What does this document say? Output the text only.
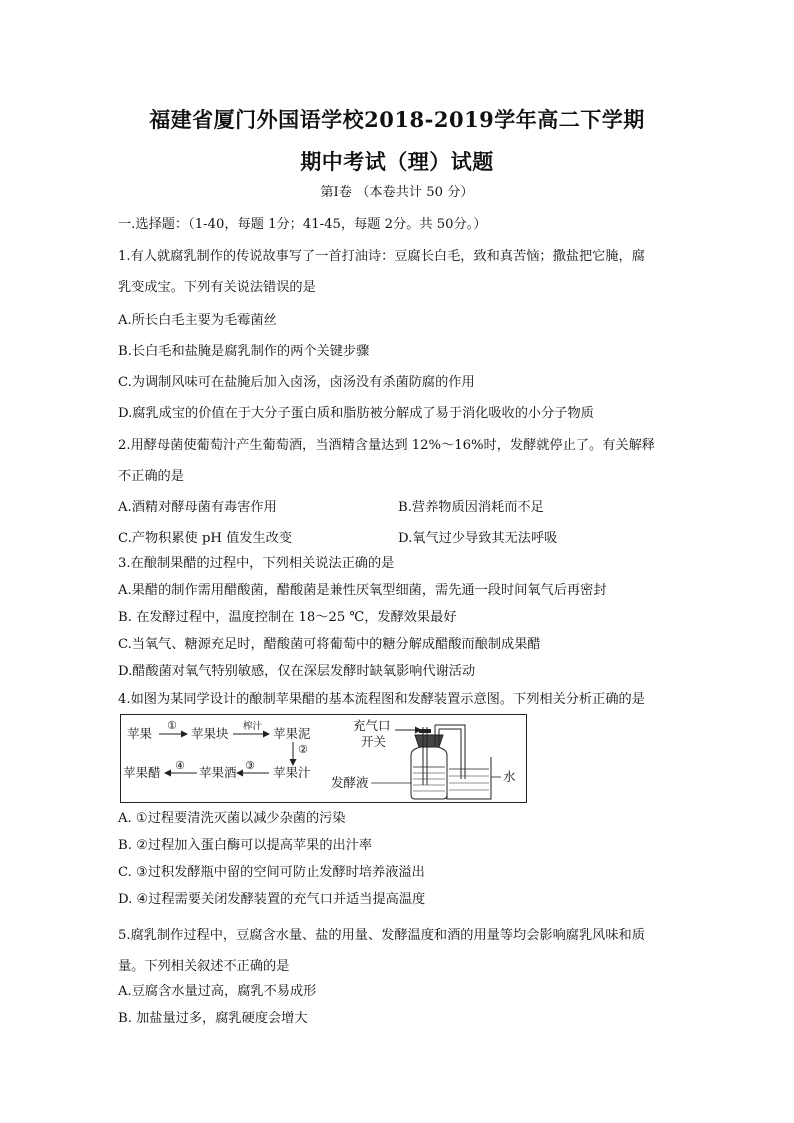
福建省厦门外国语学校2018-2019学年高二下学期
期中考试（理）试题
第Ⅰ卷 （本卷共计 50 分）
一.选择题：（1-40，每题 1分；41-45，每题 2分。共 50分。）
1.有人就腐乳制作的传说故事写了一首打油诗：豆腐长白毛，致和真苦恼；撒盐把它腌，腐
乳变成宝。下列有关说法错误的是
A.所长白毛主要为毛霉菌丝
B.长白毛和盐腌是腐乳制作的两个关键步骤
C.为调制风味可在盐腌后加入卤汤，卤汤没有杀菌防腐的作用
D.腐乳成宝的价值在于大分子蛋白质和脂肪被分解成了易于消化吸收的小分子物质
2.用酵母菌使葡萄汁产生葡萄酒，当酒精含量达到 12%～16%时，发酵就停止了。有关解释
不正确的是
A.酒精对酵母菌有毒害作用	B.营养物质因消耗而不足
C.产物积累使 pH 值发生改变	D.氧气过少导致其无法呼吸
3.在酿制果醋的过程中，下列相关说法正确的是
A.果醋的制作需用醋酸菌，醋酸菌是兼性厌氧型细菌，需先通一段时间氧气后再密封
B. 在发酵过程中，温度控制在 18～25 ℃，发酵效果最好
C.当氧气、糖源充足时，醋酸菌可将葡萄中的糖分解成醋酸而酿制成果醋
D.醋酸菌对氧气特别敏感，仅在深层发酵时缺氧影响代谢活动
4.如图为某同学设计的酿制苹果醋的基本流程图和发酵装置示意图。下列相关分析正确的是
苹果
①
苹果块 榨汁 苹果泥
②
苹果汁
③
苹果酒
④
苹果醋
充气口
开关
发酵液	水
A. ①过程要清洗灭菌以减少杂菌的污染
B. ②过程加入蛋白酶可以提高苹果的出汁率
C. ③过积发酵瓶中留的空间可防止发酵时培养液溢出
D. ④过程需要关闭发酵装置的充气口并适当提高温度
5.腐乳制作过程中，豆腐含水量、盐的用量、发酵温度和酒的用量等均会影响腐乳风味和质
量。下列相关叙述不正确的是
A.豆腐含水量过高，腐乳不易成形
B. 加盐量过多，腐乳硬度会增大
